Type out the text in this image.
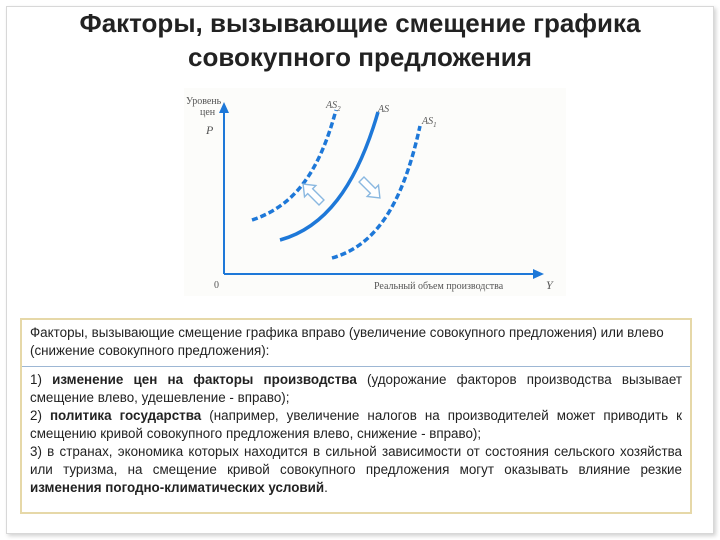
Факторы, вызывающие смещение графика совокупного предложения
Уровень
цен
P
0	Реальный объем производства	Y
$AS_2$	AS
$AS_1$

Факторы, вызывающие смещение графика вправо (увеличение совокупного предложения) или влево (снижение совокупного предложения):

1) изменение цен на факторы производства (удорожание факторов производства вызывает смещение влево, удешевление - вправо);

2) политика государства (например, увеличение налогов на производителей может приводить к смещению кривой совокупного предложения влево, снижение - вправо);

3) в странах, экономика которых находится в сильной зависимости от состояния сельского хозяйства или туризма, на смещение кривой совокупного предложения могут оказывать влияние резкие изменения погодно-климатических условий.
